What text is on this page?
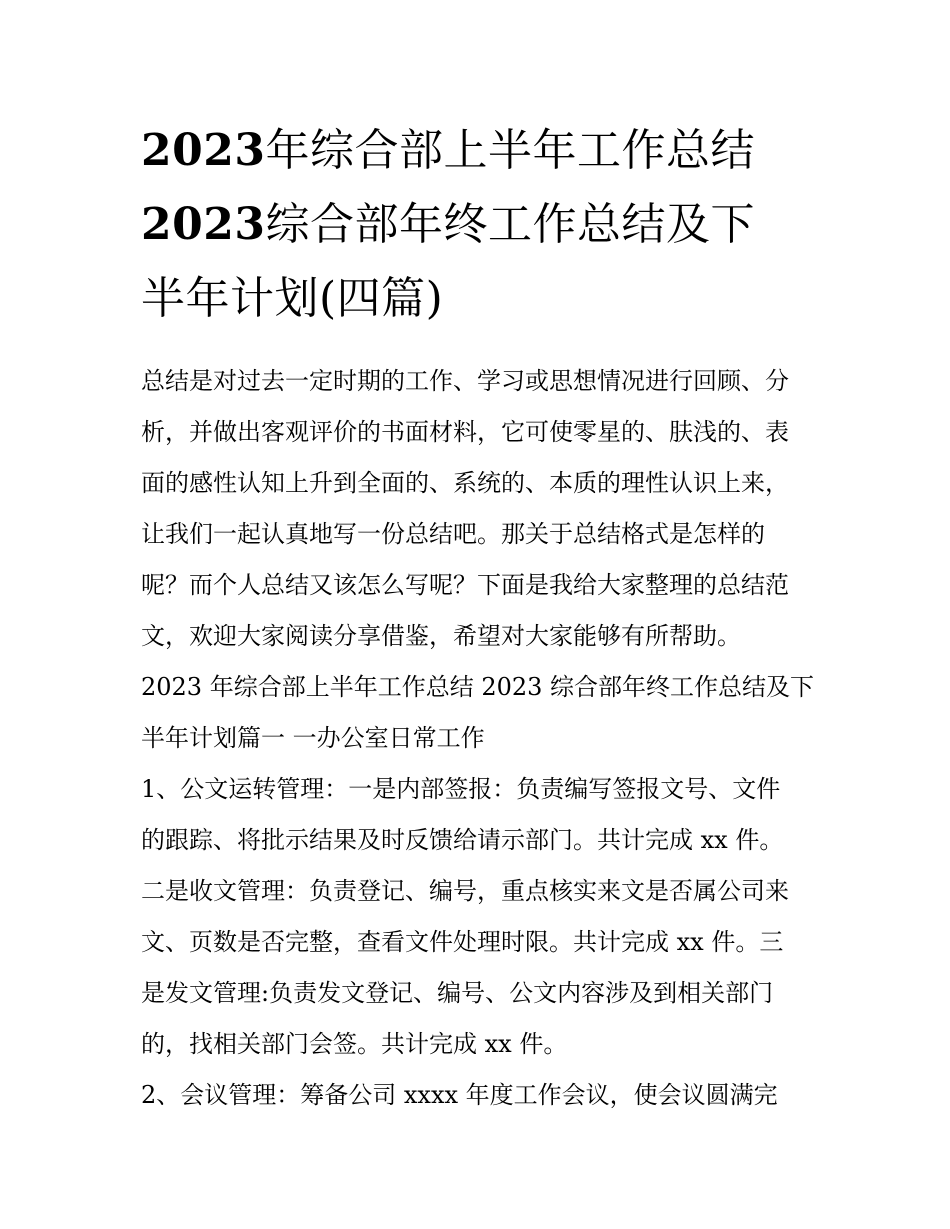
2023年综合部上半年工作总结
2023综合部年终工作总结及下
半年计划(四篇)

总结是对过去一定时期的工作、学习或思想情况进行回顾、分
析，并做出客观评价的书面材料，它可使零星的、肤浅的、表
面的感性认知上升到全面的、系统的、本质的理性认识上来，
让我们一起认真地写一份总结吧。那关于总结格式是怎样的
呢？而个人总结又该怎么写呢？下面是我给大家整理的总结范
文，欢迎大家阅读分享借鉴，希望对大家能够有所帮助。

2023 年综合部上半年工作总结 2023 综合部年终工作总结及下
半年计划篇一 一办公室日常工作

1、公文运转管理：一是内部签报：负责编写签报文号、文件
的跟踪、将批示结果及时反馈给请示部门。共计完成 xx 件。
二是收文管理：负责登记、编号，重点核实来文是否属公司来
文、页数是否完整，查看文件处理时限。共计完成 xx 件。三
是发文管理:负责发文登记、编号、公文内容涉及到相关部门
的，找相关部门会签。共计完成 xx 件。

2、会议管理：筹备公司 xxxx 年度工作会议，使会议圆满完
